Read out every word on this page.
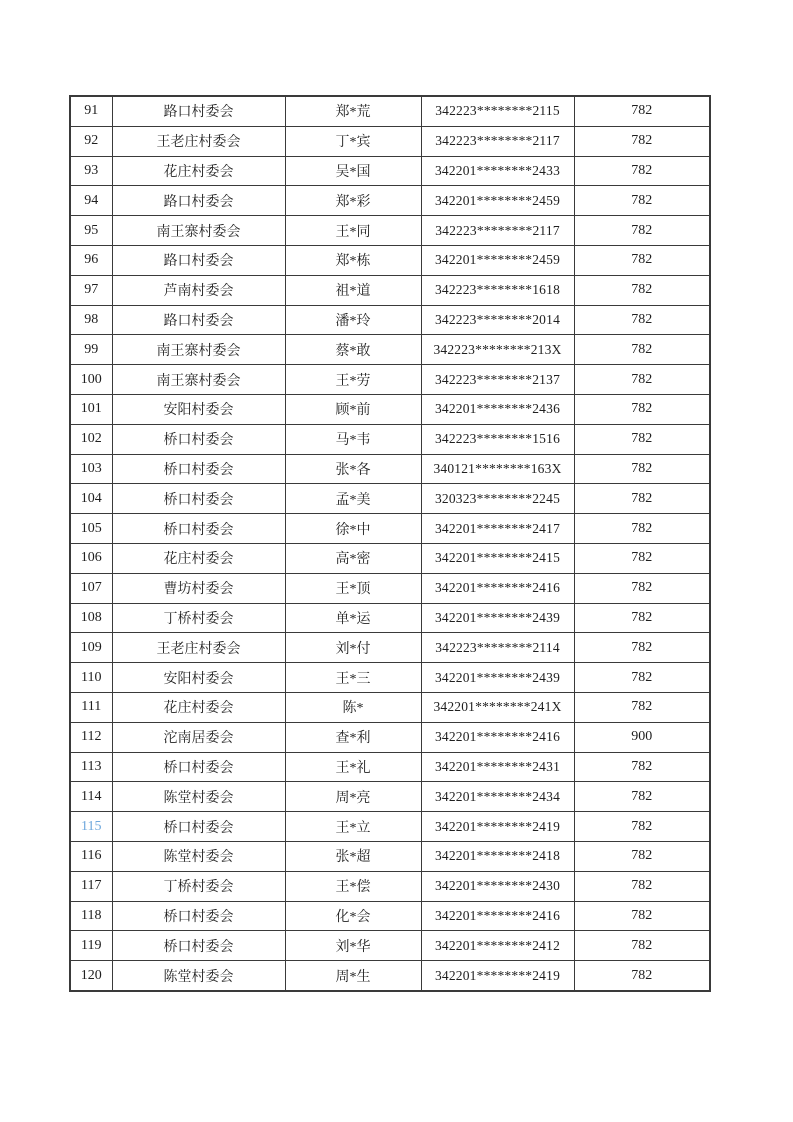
91	路口村委会	郑*荒	342223********2115	782
92	王老庄村委会	丁*宾	342223********2117	782
93	花庄村委会	吴*国	342201********2433	782
94	路口村委会	郑*彩	342201********2459	782
95	南王寨村委会	王*同	342223********2117	782
96	路口村委会	郑*栋	342201********2459	782
97	芦南村委会	祖*道	342223********1618	782
98	路口村委会	潘*玲	342223********2014	782
99	南王寨村委会	蔡*敢	342223********213X	782
100	南王寨村委会	王*劳	342223********2137	782
101	安阳村委会	顾*前	342201********2436	782
102	桥口村委会	马*韦	342223********1516	782
103	桥口村委会	张*各	340121********163X	782
104	桥口村委会	孟*美	320323********2245	782
105	桥口村委会	徐*中	342201********2417	782
106	花庄村委会	高*密	342201********2415	782
107	曹坊村委会	王*顶	342201********2416	782
108	丁桥村委会	单*运	342201********2439	782
109	王老庄村委会	刘*付	342223********2114	782
110	安阳村委会	王*三	342201********2439	782
111	花庄村委会	陈*	342201********241X	782
112	沱南居委会	查*利	342201********2416	900
113	桥口村委会	王*礼	342201********2431	782
114	陈堂村委会	周*亮	342201********2434	782
115	桥口村委会	王*立	342201********2419	782
116	陈堂村委会	张*超	342201********2418	782
117	丁桥村委会	王*偿	342201********2430	782
118	桥口村委会	化*会	342201********2416	782
119	桥口村委会	刘*华	342201********2412	782
120	陈堂村委会	周*生	342201********2419	782
